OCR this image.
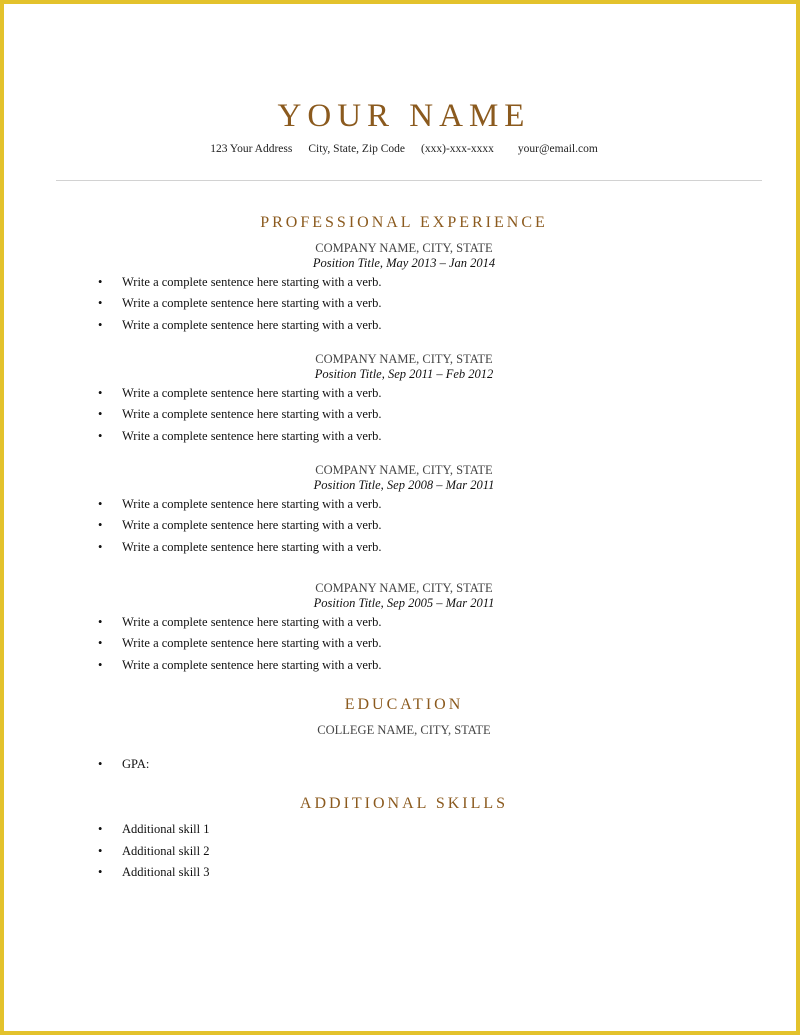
YOUR NAME
123 Your Address City, State, Zip Code (xxx)-xxx-xxxx your@email.com
PROFESSIONAL EXPERIENCE
COMPANY NAME, CITY, STATE
Position Title, May 2013 – Jan 2014
• Write a complete sentence here starting with a verb.
• Write a complete sentence here starting with a verb.
• Write a complete sentence here starting with a verb.
COMPANY NAME, CITY, STATE
Position Title, Sep 2011 – Feb 2012
• Write a complete sentence here starting with a verb.
• Write a complete sentence here starting with a verb.
• Write a complete sentence here starting with a verb.
COMPANY NAME, CITY, STATE
Position Title, Sep 2008 – Mar 2011
• Write a complete sentence here starting with a verb.
• Write a complete sentence here starting with a verb.
• Write a complete sentence here starting with a verb.
COMPANY NAME, CITY, STATE
Position Title, Sep 2005 – Mar 2011
• Write a complete sentence here starting with a verb.
• Write a complete sentence here starting with a verb.
• Write a complete sentence here starting with a verb.
EDUCATION
COLLEGE NAME, CITY, STATE
• GPA:
ADDITIONAL SKILLS
• Additional skill 1
• Additional skill 2
• Additional skill 3
